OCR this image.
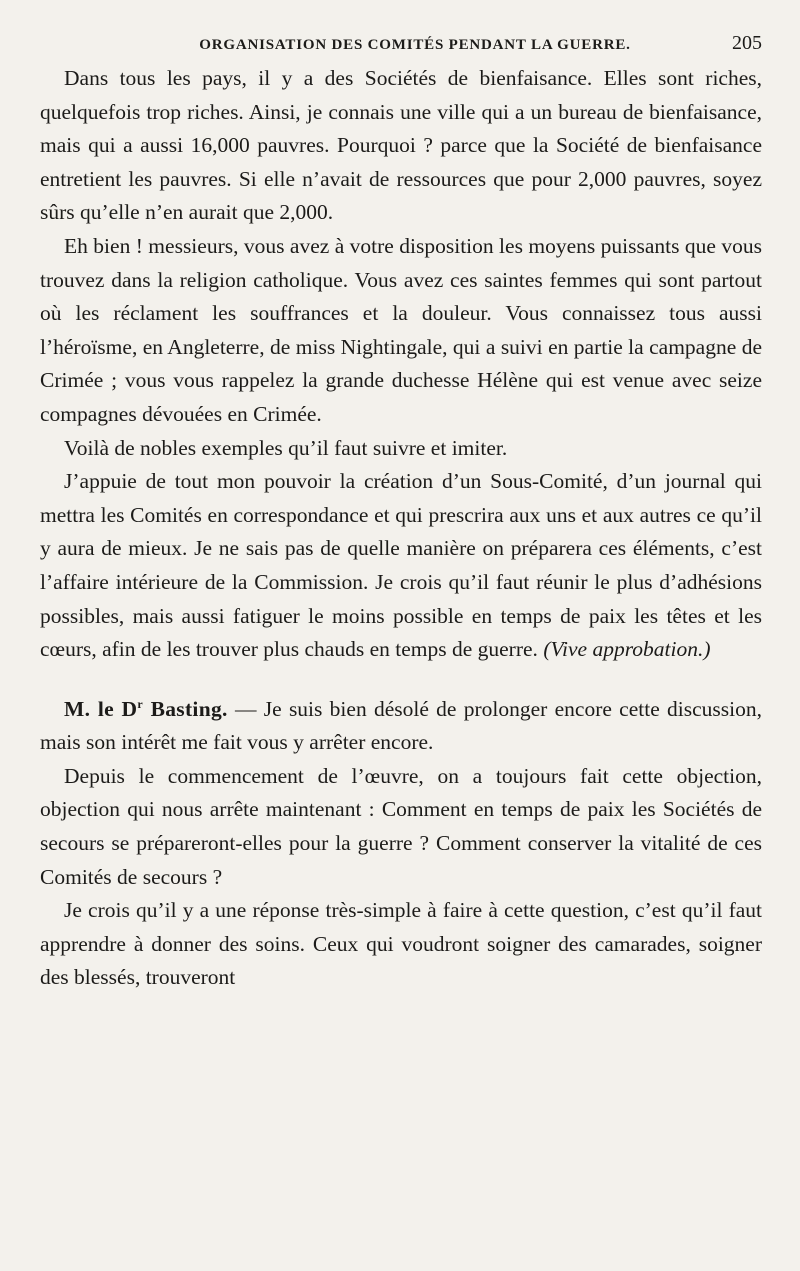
ORGANISATION DES COMITÉS PENDANT LA GUERRE.	205

Dans tous les pays, il y a des Sociétés de bienfaisance. Elles sont riches, quelquefois trop riches. Ainsi, je connais une ville qui a un bureau de bienfaisance, mais qui a aussi 16,000 pauvres. Pourquoi ? parce que la Société de bienfaisance entretient les pauvres. Si elle n’avait de ressources que pour 2,000 pauvres, soyez sûrs qu’elle n’en aurait que 2,000.

Eh bien ! messieurs, vous avez à votre disposition les moyens puissants que vous trouvez dans la religion catholique. Vous avez ces saintes femmes qui sont partout où les réclament les souffrances et la douleur. Vous connaissez tous aussi l’héroïsme, en Angleterre, de miss Nightingale, qui a suivi en partie la campagne de Crimée ; vous vous rappelez la grande duchesse Hélène qui est venue avec seize compagnes dévouées en Crimée.

Voilà de nobles exemples qu’il faut suivre et imiter.

J’appuie de tout mon pouvoir la création d’un Sous-Comité, d’un journal qui mettra les Comités en correspondance et qui prescrira aux uns et aux autres ce qu’il y aura de mieux. Je ne sais pas de quelle manière on préparera ces éléments, c’est l’affaire intérieure de la Commission. Je crois qu’il faut réunir le plus d’adhésions possibles, mais aussi fatiguer le moins possible en temps de paix les têtes et les cœurs, afin de les trouver plus chauds en temps de guerre. (Vive approbation.)

M. le $D^r$ Basting. — Je suis bien désolé de prolonger encore cette discussion, mais son intérêt me fait vous y arrêter encore.

Depuis le commencement de l’œuvre, on a toujours fait cette objection, objection qui nous arrête maintenant : Comment en temps de paix les Sociétés de secours se prépareront-elles pour la guerre ? Comment conserver la vitalité de ces Comités de secours ?

Je crois qu’il y a une réponse très-simple à faire à cette question, c’est qu’il faut apprendre à donner des soins. Ceux qui voudront soigner des camarades, soigner des blessés, trouveront
